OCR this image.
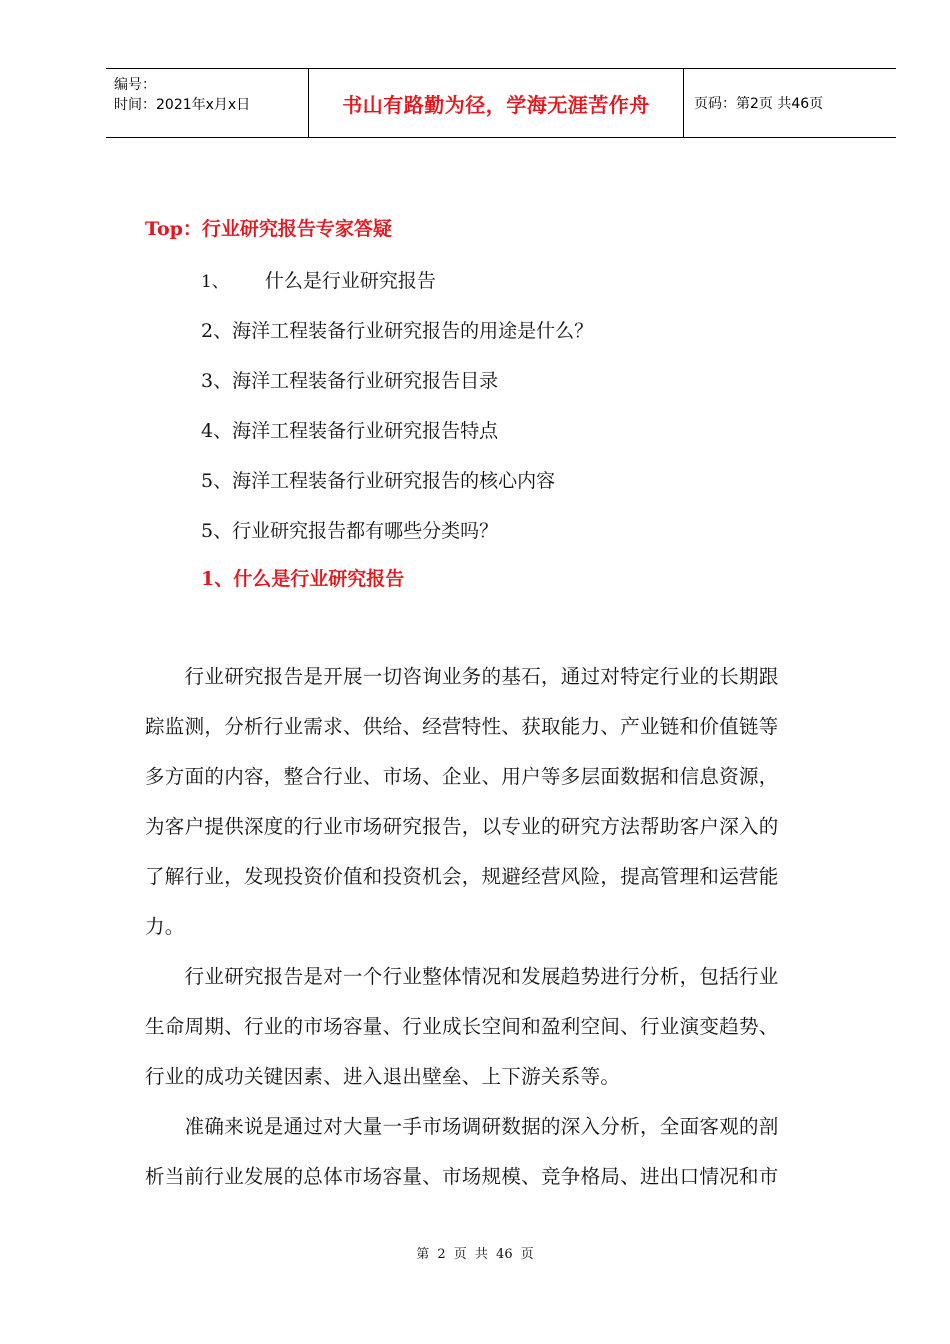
编号：
时间：2021年x月x日	书山有路勤为径，学海无涯苦作舟	页码：第2页 共46页
Top：行业研究报告专家答疑
1、 什么是行业研究报告
2、海洋工程装备行业研究报告的用途是什么？
3、海洋工程装备行业研究报告目录
4、海洋工程装备行业研究报告特点
5、海洋工程装备行业研究报告的核心内容
5、行业研究报告都有哪些分类吗？
1、什么是行业研究报告
　　行业研究报告是开展一切咨询业务的基石，通过对特定行业的长期跟
踪监测，分析行业需求、供给、经营特性、获取能力、产业链和价值链等
多方面的内容，整合行业、市场、企业、用户等多层面数据和信息资源，
为客户提供深度的行业市场研究报告，以专业的研究方法帮助客户深入的
了解行业，发现投资价值和投资机会，规避经营风险，提高管理和运营能
力。
　　行业研究报告是对一个行业整体情况和发展趋势进行分析，包括行业
生命周期、行业的市场容量、行业成长空间和盈利空间、行业演变趋势、
行业的成功关键因素、进入退出壁垒、上下游关系等。
　　准确来说是通过对大量一手市场调研数据的深入分析，全面客观的剖
析当前行业发展的总体市场容量、市场规模、竞争格局、进出口情况和市
第 2 页 共 46 页
